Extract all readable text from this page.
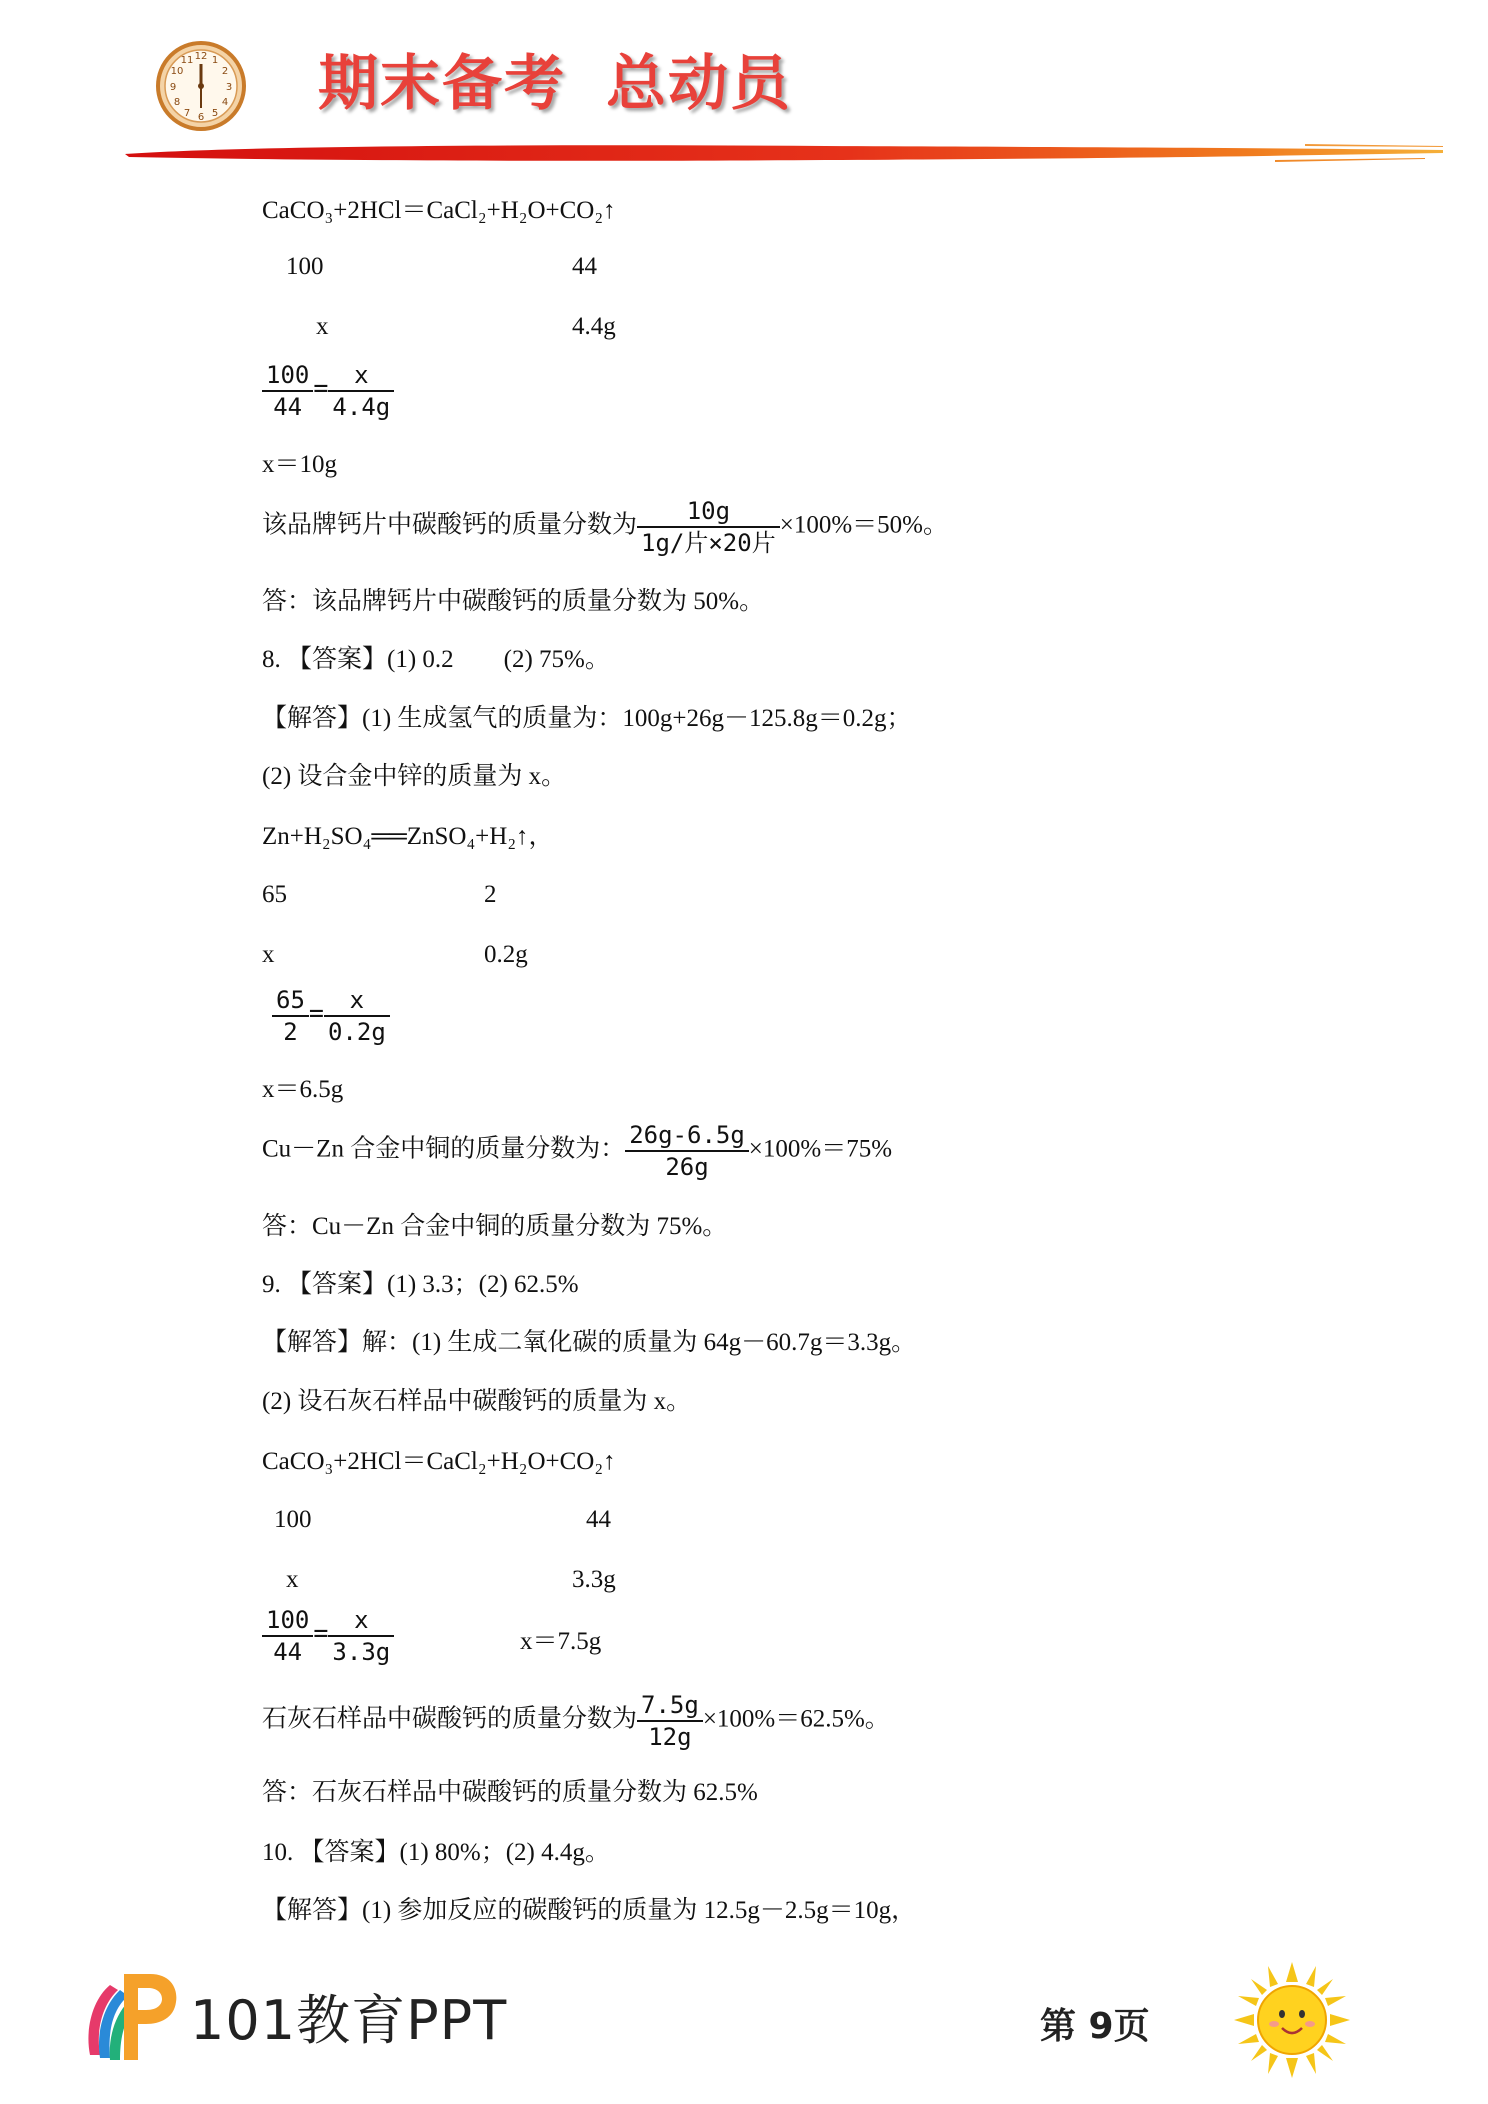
12 1
2
3
4
5
6
7
8
9
10
11 期末备考 总动员
CaCO₃+2HCl＝CaCl₂+H₂O+CO₂↑
100	44
x	4.4g
$\frac{100}{44} = \frac{x}{4.4g}$
x＝10g
该品牌钙片中碳酸钙的质量分数为 $\frac{10g}{\text{1g/片×20片}} \times 100\%=50\%$。
答：该品牌钙片中碳酸钙的质量分数为 50%。
8. 【答案】(1) 0.2　　(2) 75%。
【解答】(1) 生成氢气的质量为：100g+26g－125.8g＝0.2g；
(2) 设合金中锌的质量为 x。
Zn+H₂SO₄══ZnSO₄+H₂↑，
65	2
x	0.2g
$\frac{65}{2} = \frac{x}{0.2g}$
x＝6.5g
Cu－Zn 合金中铜的质量分数为： $\frac{26g-6.5g}{26g} \times 100\%=75\%$
答：Cu－Zn 合金中铜的质量分数为 75%。
9. 【答案】(1) 3.3；(2) 62.5%
【解答】解：(1) 生成二氧化碳的质量为 64g－60.7g＝3.3g。
(2) 设石灰石样品中碳酸钙的质量为 x。
CaCO₃+2HCl＝CaCl₂+H₂O+CO₂↑
100	44
x	3.3g
$\frac{100}{44} = \frac{x}{3.3g}$	x＝7.5g
石灰石样品中碳酸钙的质量分数为 $\frac{7.5g}{12g} \times 100\%=62.5\%$。
答：石灰石样品中碳酸钙的质量分数为 62.5%
10. 【答案】(1) 80%；(2) 4.4g。
【解答】(1) 参加反应的碳酸钙的质量为 12.5g－2.5g＝10g，
101教育PPT	第 9页
